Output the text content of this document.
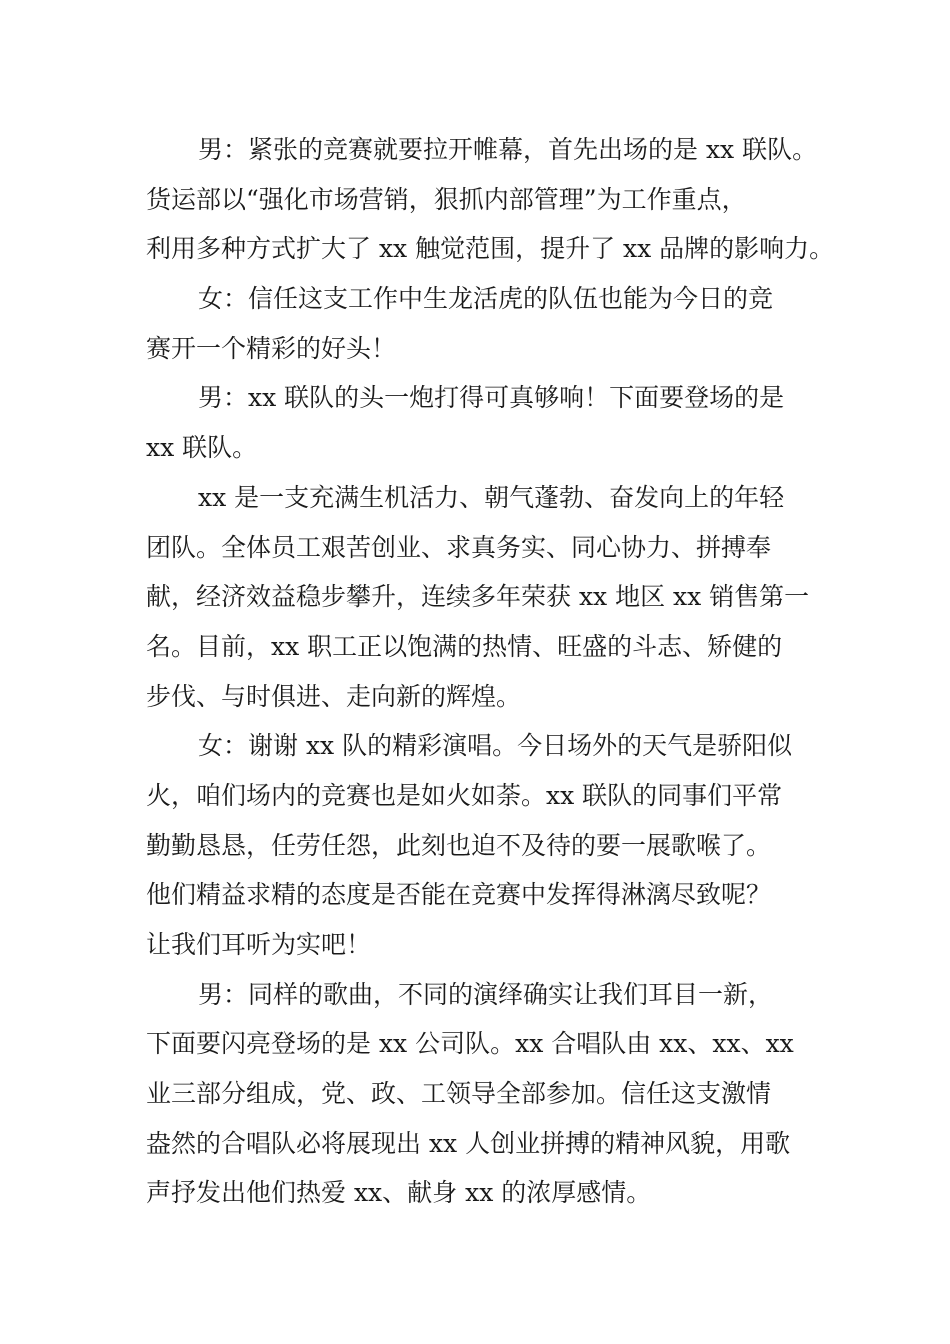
男：紧张的竞赛就要拉开帷幕，首先出场的是 xx 联队。
货运部以“强化市场营销，狠抓内部管理”为工作重点，
利用多种方式扩大了 xx 触觉范围，提升了 xx 品牌的影响力。
女：信任这支工作中生龙活虎的队伍也能为今日的竞
赛开一个精彩的好头！
男：xx 联队的头一炮打得可真够响！下面要登场的是
xx 联队。
xx 是一支充满生机活力、朝气蓬勃、奋发向上的年轻
团队。全体员工艰苦创业、求真务实、同心协力、拼搏奉
献，经济效益稳步攀升，连续多年荣获 xx 地区 xx 销售第一
名。目前，xx 职工正以饱满的热情、旺盛的斗志、矫健的
步伐、与时俱进、走向新的辉煌。
女：谢谢 xx 队的精彩演唱。今日场外的天气是骄阳似
火，咱们场内的竞赛也是如火如荼。xx 联队的同事们平常
勤勤恳恳，任劳任怨，此刻也迫不及待的要一展歌喉了。
他们精益求精的态度是否能在竞赛中发挥得淋漓尽致呢？
让我们耳听为实吧！
男：同样的歌曲，不同的演绎确实让我们耳目一新，
下面要闪亮登场的是 xx 公司队。xx 合唱队由 xx、xx、xx
业三部分组成，党、政、工领导全部参加。信任这支激情
盎然的合唱队必将展现出 xx 人创业拼搏的精神风貌，用歌
声抒发出他们热爱 xx、献身 xx 的浓厚感情。
